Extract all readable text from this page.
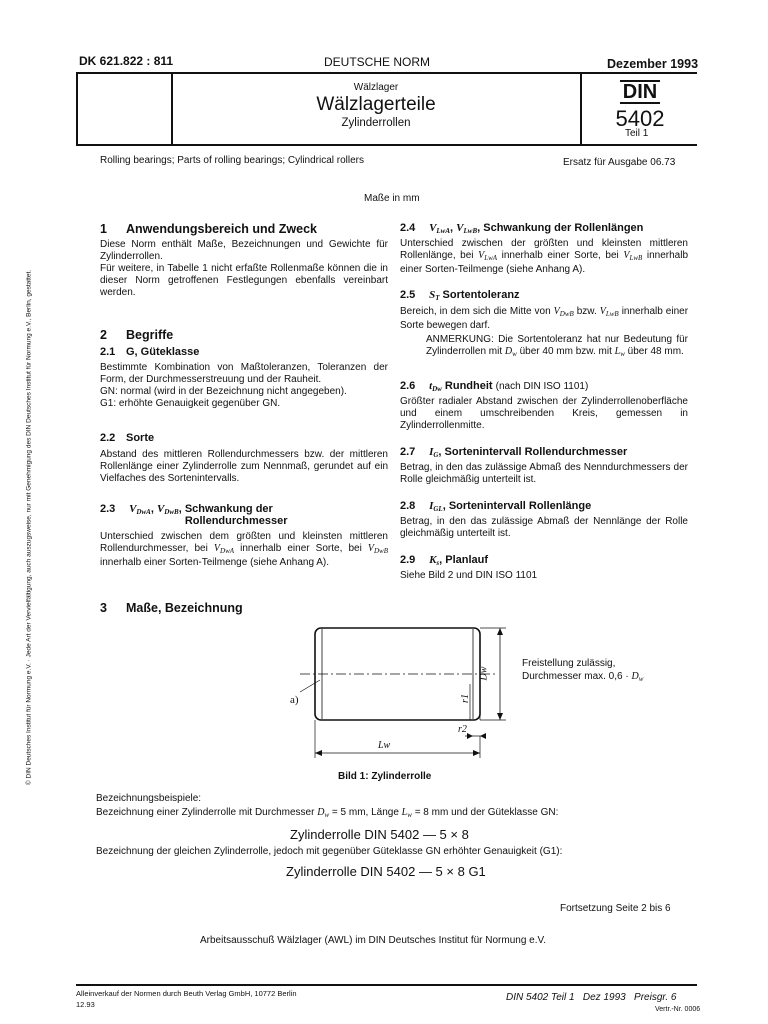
DK 621.822 : 811	DEUTSCHE NORM	Dezember 1993
Wälzlager
Wälzlagerteile
Zylinderrollen
DIN
5402
Teil 1
© DIN Deutsches Institut für Normung e.V. · Jede Art der Vervielfältigung, auch auszugsweise, nur mit Genehmigung des DIN Deutsches Institut für Normung e.V., Berlin, gestattet.
Rolling bearings; Parts of rolling bearings; Cylindrical rollers	Ersatz für Ausgabe 06.73
Maße in mm
1 Anwendungsbereich und Zweck

Diese Norm enthält Maße, Bezeichnungen und Gewichte für Zylinderrollen.

Für weitere, in Tabelle 1 nicht erfaßte Rollenmaße können die in dieser Norm getroffenen Festlegungen ebenfalls vereinbart werden.

2 Begriffe
2.1 G, Güteklasse

Bestimmte Kombination von Maßtoleranzen, Toleranzen der Form, der Durchmesserstreuung und der Rauheit.

GN: normal (wird in der Bezeichnung nicht angegeben).

G1: erhöhte Genauigkeit gegenüber GN.

2.2 Sorte

Abstand des mittleren Rollendurchmessers bzw. der mittleren Rollenlänge einer Zylinderrolle zum Nennmaß, gerundet auf ein Vielfaches des Sortenintervalls.

2.3 $V_{DwA}$, $V_{DwB}$, Schwankung der Rollendurchmesser

Unterschied zwischen dem größten und kleinsten mittleren Rollendurchmesser, bei $V_{DwA}$ innerhalb einer Sorte, bei $V_{DwB}$ innerhalb einer Sorten-Teilmenge (siehe Anhang A).

2.4 $V_{LwA}$, $V_{LwB}$, Schwankung der Rollenlängen

Unterschied zwischen der größten und kleinsten mittleren Rollenlänge, bei $V_{LwA}$ innerhalb einer Sorte, bei $V_{LwB}$ innerhalb einer Sorten-Teilmenge (siehe Anhang A).

2.5 $S_T$ Sortentoleranz

Bereich, in dem sich die Mitte von $V_{DwB}$ bzw. $V_{LwB}$ innerhalb einer Sorte bewegen darf.

ANMERKUNG: Die Sortentoleranz hat nur Bedeutung für Zylinderrollen mit $D_w$ über 40 mm bzw. mit $L_w$ über 48 mm.

2.6 $t_{Dw}$ Rundheit (nach DIN ISO 1101)

Größter radialer Abstand zwischen der Zylinderrollenoberfläche und einem umschreibenden Kreis, gemessen in Zylinderrollenmitte.

2.7 $I_G$, Sortenintervall Rollendurchmesser

Betrag, in den das zulässige Abmaß des Nenndurchmessers der Rolle gleichmäßig unterteilt ist.

2.8 $I_{GL}$, Sortenintervall Rollenlänge

Betrag, in den das zulässige Abmaß der Nennlänge der Rolle gleichmäßig unterteilt ist.

2.9 $K_s$, Planlauf

Siehe Bild 2 und DIN ISO 1101

3 Maße, Bezeichnung
a)
Dw
r1
r2
Lw
Freistellung zulässig,
Durchmesser max. $0,6 \cdot D_w$
Bild 1: Zylinderrolle

Bezeichnungsbeispiele:

Bezeichnung einer Zylinderrolle mit Durchmesser $D_w = 5$ mm, Länge $L_w = 8$ mm und der Güteklasse GN:

Zylinderrolle DIN 5402 — 5 × 8

Bezeichnung der gleichen Zylinderrolle, jedoch mit gegenüber Güteklasse GN erhöhter Genauigkeit (G1):

Zylinderrolle DIN 5402 — 5 × 8 G1

Fortsetzung Seite 2 bis 6
Arbeitsausschuß Wälzlager (AWL) im DIN Deutsches Institut für Normung e.V.
Alleinverkauf der Normen durch Beuth Verlag GmbH, 10772 Berlin
12.93
DIN 5402 Teil 1   Dez 1993   Preisgr. 6
Vertr.-Nr. 0006
